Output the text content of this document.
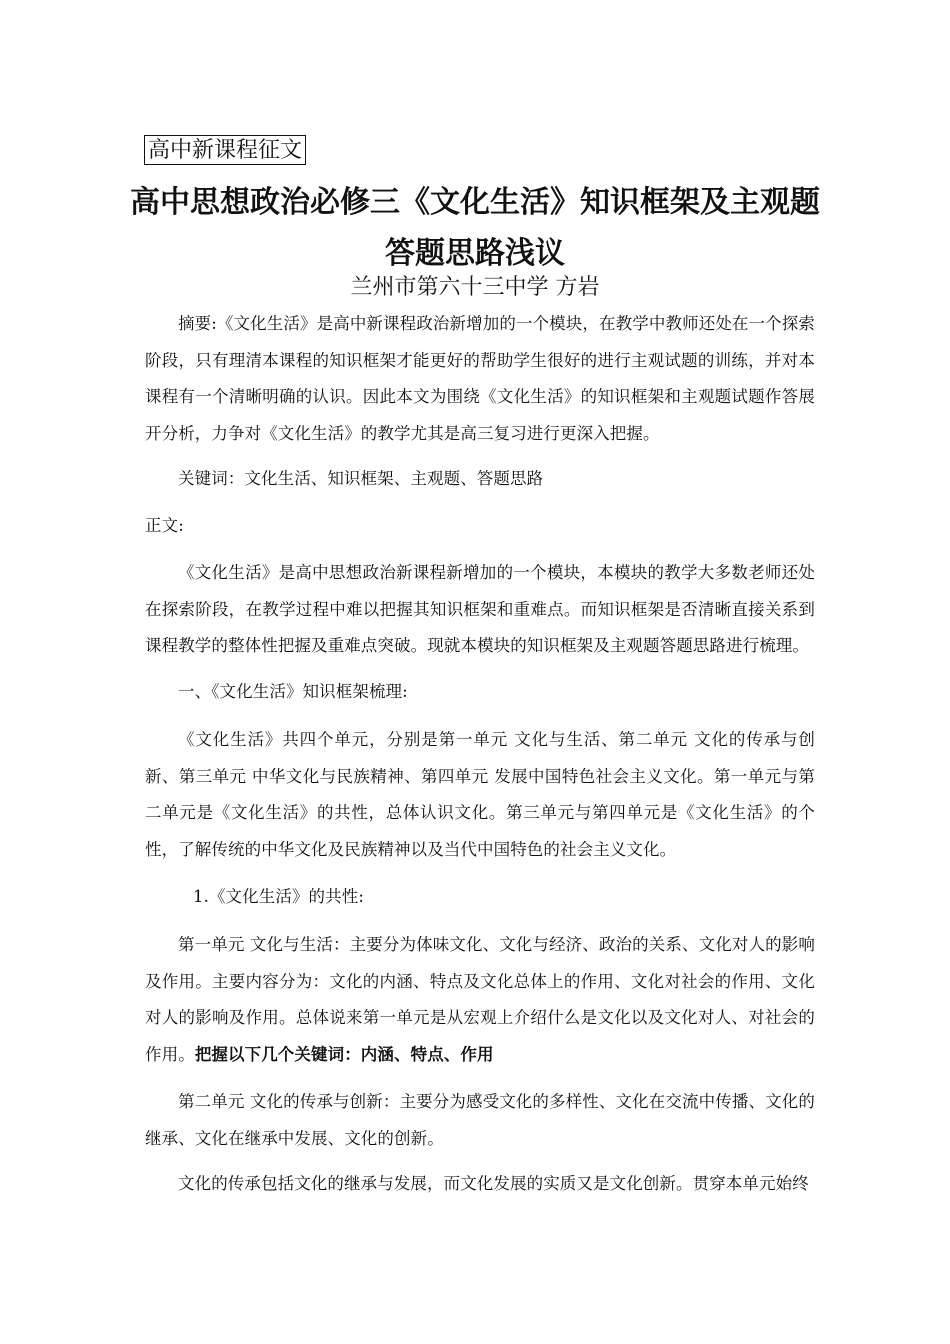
高中新课程征文
高中思想政治必修三《文化生活》知识框架及主观题
答题思路浅议
兰州市第六十三中学 方岩

摘要:《文化生活》是高中新课程政治新增加的一个模块，在教学中教师还处在一个探索阶段，只有理清本课程的知识框架才能更好的帮助学生很好的进行主观试题的训练，并对本课程有一个清晰明确的认识。因此本文为围绕《文化生活》的知识框架和主观题试题作答展开分析，力争对《文化生活》的教学尤其是高三复习进行更深入把握。

关键词：文化生活、知识框架、主观题、答题思路

正文:

《文化生活》是高中思想政治新课程新增加的一个模块，本模块的教学大多数老师还处在探索阶段，在教学过程中难以把握其知识框架和重难点。而知识框架是否清晰直接关系到课程教学的整体性把握及重难点突破。现就本模块的知识框架及主观题答题思路进行梳理。

一、《文化生活》知识框架梳理:

《文化生活》共四个单元，分别是第一单元 文化与生活、第二单元 文化的传承与创新、第三单元 中华文化与民族精神、第四单元 发展中国特色社会主义文化。第一单元与第二单元是《文化生活》的共性，总体认识文化。第三单元与第四单元是《文化生活》的个性，了解传统的中华文化及民族精神以及当代中国特色的社会主义文化。

1.《文化生活》的共性:

第一单元 文化与生活：主要分为体味文化、文化与经济、政治的关系、文化对人的影响及作用。主要内容分为：文化的内涵、特点及文化总体上的作用、文化对社会的作用、文化对人的影响及作用。总体说来第一单元是从宏观上介绍什么是文化以及文化对人、对社会的作用。把握以下几个关键词：内涵、特点、作用

第二单元 文化的传承与创新：主要分为感受文化的多样性、文化在交流中传播、文化的继承、文化在继承中发展、文化的创新。

文化的传承包括文化的继承与发展，而文化发展的实质又是文化创新。贯穿本单元始终
